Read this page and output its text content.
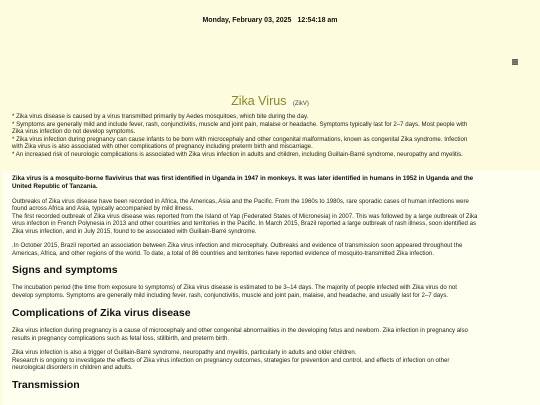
Monday, February 03, 2025 12:54:18 am
Zika Virus (ZikV)
* Zika virus disease is caused by a virus transmitted primarily by Aedes mosquitoes, which bite during the day.
* Symptoms are generally mild and include fever, rash, conjunctivitis, muscle and joint pain, malaise or headache. Symptoms typically last for 2–7 days. Most people with
Zika virus infection do not develop symptoms.
* Zika virus infection during pregnancy can cause infants to be born with microcephaly and other congenital malformations, known as congenital Zika syndrome. Infection
with Zika virus is also associated with other complications of pregnancy including preterm birth and miscarriage.
* An increased risk of neurologic complications is associated with Zika virus infection in adults and children, including Guillain-Barré syndrome, neuropathy and myelitis.
Zika virus is a mosquito-borne flavivirus that was first identified in Uganda in 1947 in monkeys. It was later identified in humans in 1952 in Uganda and the
United Republic of Tanzania.
Outbreaks of Zika virus disease have been recorded in Africa, the Americas, Asia and the Pacific. From the 1960s to 1980s, rare sporadic cases of human infections were
found across Africa and Asia, typically accompanied by mild illness.
The first recorded outbreak of Zika virus disease was reported from the Island of Yap (Federated States of Micronesia) in 2007. This was followed by a large outbreak of Zika
virus infection in French Polynesia in 2013 and other countries and territories in the Pacific. In March 2015, Brazil reported a large outbreak of rash illness, soon identified as
Zika virus infection, and in July 2015, found to be associated with Guillain-Barré syndrome.
.In October 2015, Brazil reported an association between Zika virus infection and microcephaly. Outbreaks and evidence of transmission soon appeared throughout the
Americas, Africa, and other regions of the world. To date, a total of 86 countries and territories have reported evidence of mosquito-transmitted Zika infection.
Signs and symptoms
The incubation period (the time from exposure to symptoms) of Zika virus disease is estimated to be 3–14 days. The majority of people infected with Zika virus do not
develop symptoms. Symptoms are generally mild including fever, rash, conjunctivitis, muscle and joint pain, malaise, and headache, and usually last for 2–7 days.
Complications of Zika virus disease
Zika virus infection during pregnancy is a cause of microcephaly and other congenital abnormalities in the developing fetus and newborn. Zika infection in pregnancy also
results in pregnancy complications such as fetal loss, stillbirth, and preterm birth.
Zika virus infection is also a trigger of Guillain-Barré syndrome, neuropathy and myelitis, particularly in adults and older children.
Research is ongoing to investigate the effects of Zika virus infection on pregnancy outcomes, strategies for prevention and control, and effects of infection on other
neurological disorders in children and adults.
Transmission
